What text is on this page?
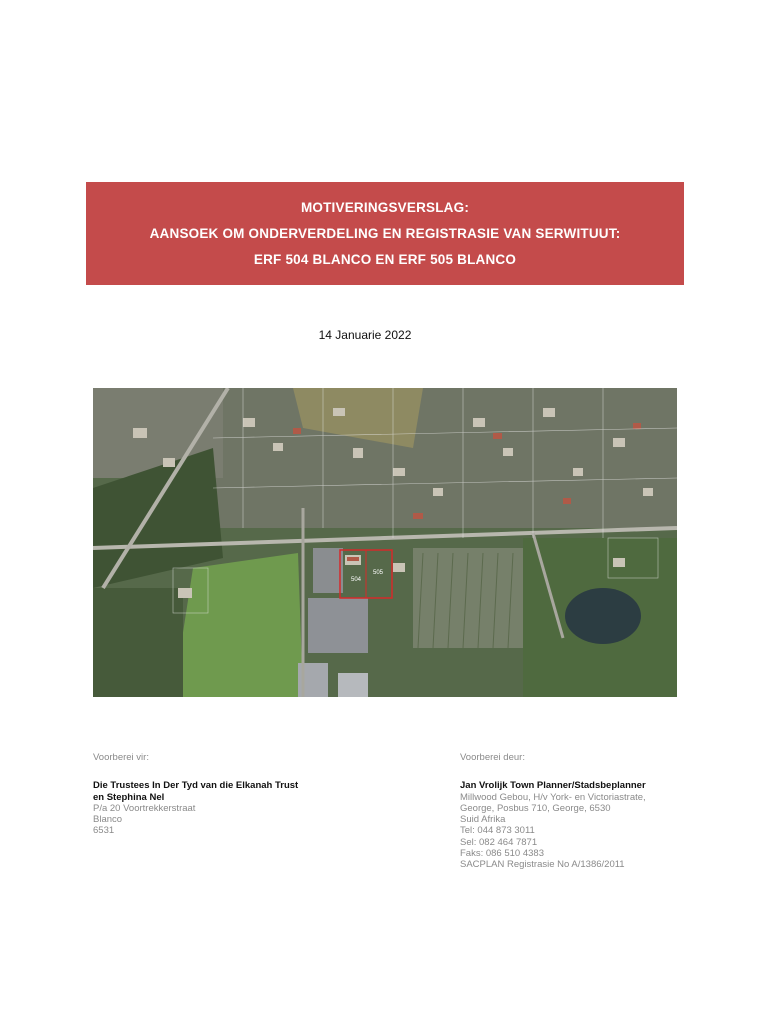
MOTIVERINGSVERSLAG:
AANSOEK OM ONDERVERDELING EN REGISTRASIE VAN SERWITUUT:
ERF 504 BLANCO EN ERF 505 BLANCO
14 Januarie 2022
504
505
Voorberei vir:
Die Trustees In Der Tyd van die Elkanah Trust
en Stephina Nel
P/a 20 Voortrekkerstraat
Blanco
6531
Voorberei deur:
Jan Vrolijk Town Planner/Stadsbeplanner
Millwood Gebou, H/v York- en Victoriastrate,
George, Posbus 710, George, 6530
Suid Afrika
Tel: 044 873 3011
Sel: 082 464 7871
Faks: 086 510 4383
SACPLAN Registrasie No A/1386/2011
